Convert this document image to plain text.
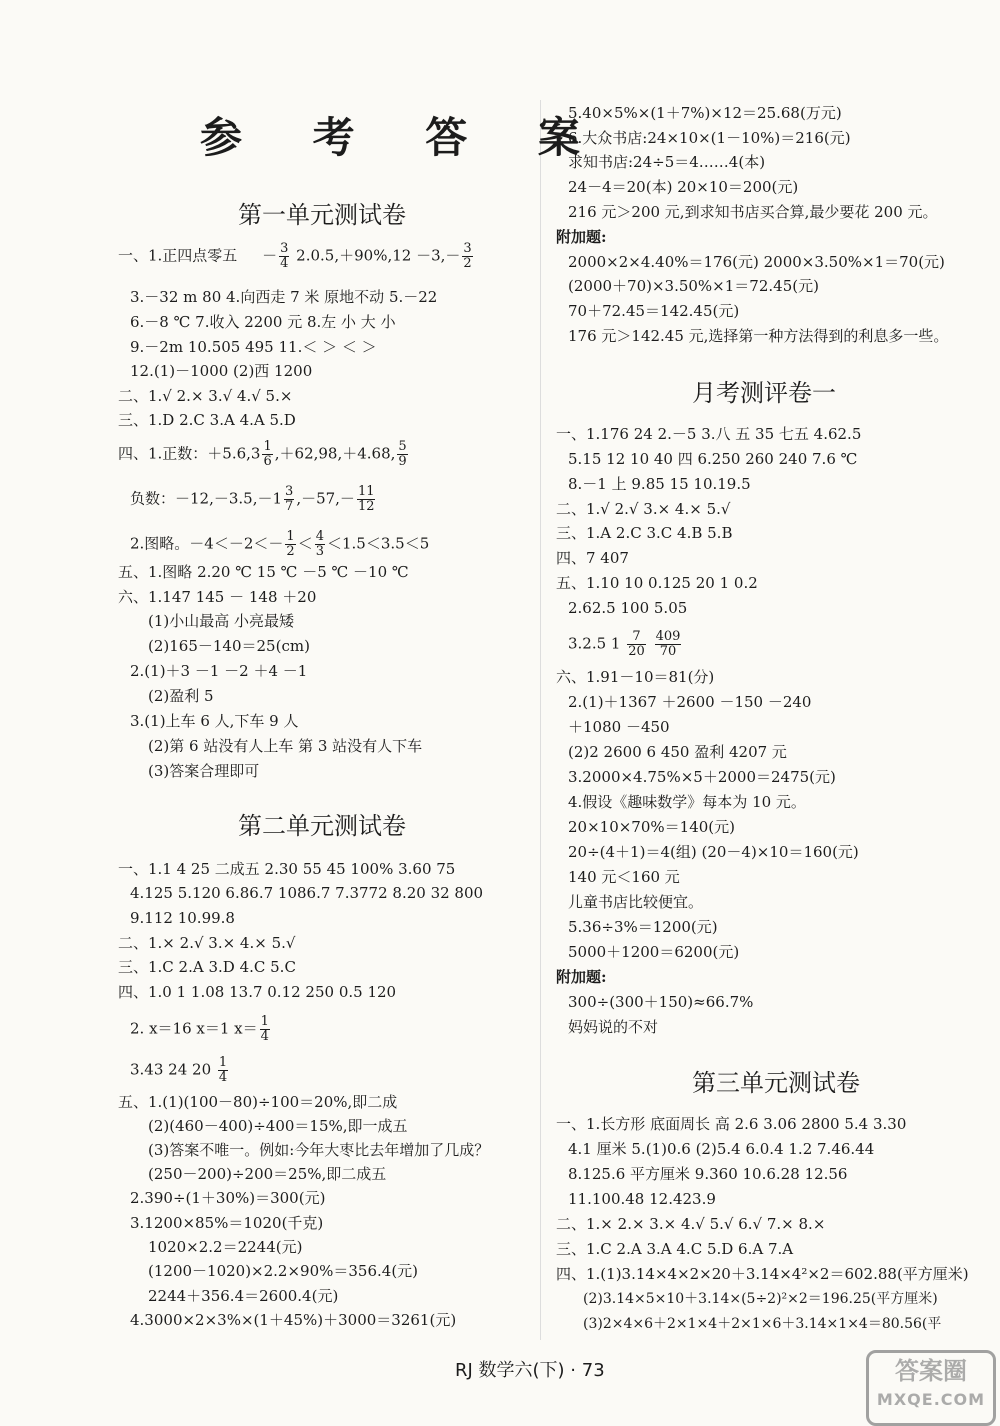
参 考 答 案
第一单元测试卷
一、1.正四点零五 － $\frac{3}{4} 2.0.5,+90\%,12 -3,- \frac{3}{2}$
3.－32 m 80 4.向西走 7 米 原地不动 5.－22
6.－8 ℃ 7.收入 2200 元 8.左 小 大 小
9.－2m 10.505 495 11.＜ ＞ ＜ ＞
12.(1)－1000 (2)西 1200
二、1.√ 2.× 3.√ 4.√ 5.×
三、1.D 2.C 3.A 4.A 5.D
四、1.正数：$+5.6,3 \frac{1}{6} ,+62,98,+4.68$, $\frac{5}{9}$
负数：$-12,-3.5,-1 \frac{3}{7} ,-57,- \frac{11}{12}$
2.图略。$-4<-2<- \frac{1}{2} < \frac{4}{3} <1.5<3.5<5$
五、1.图略 2.20 ℃ 15 ℃ －5 ℃ －10 ℃
六、1.147 145 － 148 ＋20
(1)小山最高 小亮最矮
(2)165－140＝25(cm)
2.(1)＋3 －1 －2 ＋4 －1
(2)盈利 5
3.(1)上车 6 人,下车 9 人
(2)第 6 站没有人上车 第 3 站没有人下车
(3)答案合理即可
第二单元测试卷
一、1.1 4 25 二成五 2.30 55 45 100% 3.60 75
4.125 5.120 6.86.7 1086.7 7.3772 8.20 32 800
9.112 10.99.8
二、1.× 2.√ 3.× 4.× 5.√
三、1.C 2.A 3.D 4.C 5.C
四、1.0 1 1.08 13.7 0.12 250 0.5 120
2. x＝16 x＝1 $x= \frac{1}{4}$
3.43 24 $20 \frac{1}{4}$
五、1.(1)(100－80)÷100＝20%,即二成
(2)(460－400)÷400＝15%,即一成五
(3)答案不唯一。例如:今年大枣比去年增加了几成？
(250－200)÷200＝25%,即二成五
2.390÷(1＋30%)＝300(元)
3.1200×85%＝1020(千克)
1020×2.2＝2244(元)
(1200－1020)×2.2×90%＝356.4(元)
2244＋356.4＝2600.4(元)
4.3000×2×3%×(1＋45%)＋3000＝3261(元)
5.40×5%×(1＋7%)×12＝25.68(万元)
6.大众书店:24×10×(1－10%)＝216(元)
求知书店:24÷5＝4……4(本)
24－4＝20(本) 20×10＝200(元)
216 元＞200 元,到求知书店买合算,最少要花 200 元。
附加题:
2000×2×4.40%＝176(元) 2000×3.50%×1＝70(元)
(2000＋70)×3.50%×1＝72.45(元)
70＋72.45＝142.45(元)
176 元＞142.45 元,选择第一种方法得到的利息多一些。
月考测评卷一
一、1.176 24 2.－5 3.八 五 35 七五 4.62.5
5.15 12 10 40 四 6.250 260 240 7.6 ℃
8.－1 上 9.85 15 10.19.5
二、1.√ 2.√ 3.× 4.× 5.√
三、1.A 2.C 3.C 4.B 5.B
四、7 407
五、1.10 10 0.125 20 1 0.2
2.62.5 100 5.05
3.2.5 $1 \frac{7}{20}$
$\frac{409}{70}$
六、1.91－10＝81(分)
2.(1)＋1367 ＋2600 －150 －240
＋1080 －450
(2)2 2600 6 450 盈利 4207 元
3.2000×4.75%×5＋2000＝2475(元)
4.假设《趣味数学》每本为 10 元。
20×10×70%＝140(元)
20÷(4＋1)＝4(组) (20－4)×10＝160(元)
140 元＜160 元
儿童书店比较便宜。
5.36÷3%＝1200(元)
5000＋1200＝6200(元)
附加题:
300÷(300＋150)≈66.7%
妈妈说的不对
第三单元测试卷
一、1.长方形 底面周长 高 2.6 3.06 2800 5.4 3.30
4.1 厘米 5.(1)0.6 (2)5.4 6.0.4 1.2 7.46.44
8.125.6 平方厘米 9.360 10.6.28 12.56
11.100.48 12.423.9
二、1.× 2.× 3.× 4.√ 5.√ 6.√ 7.× 8.×
三、1.C 2.A 3.A 4.C 5.D 6.A 7.A
四、1.(1)3.14×4×2×20＋3.14×4²×2＝602.88(平方厘米)
(2)3.14×5×10＋3.14×(5÷2)²×2＝196.25(平方厘米)
(3)2×4×6＋2×1×4＋2×1×6＋3.14×1×4＝80.56(平
RJ 数学六(下) · 73	答案圈
MXQE.COM
